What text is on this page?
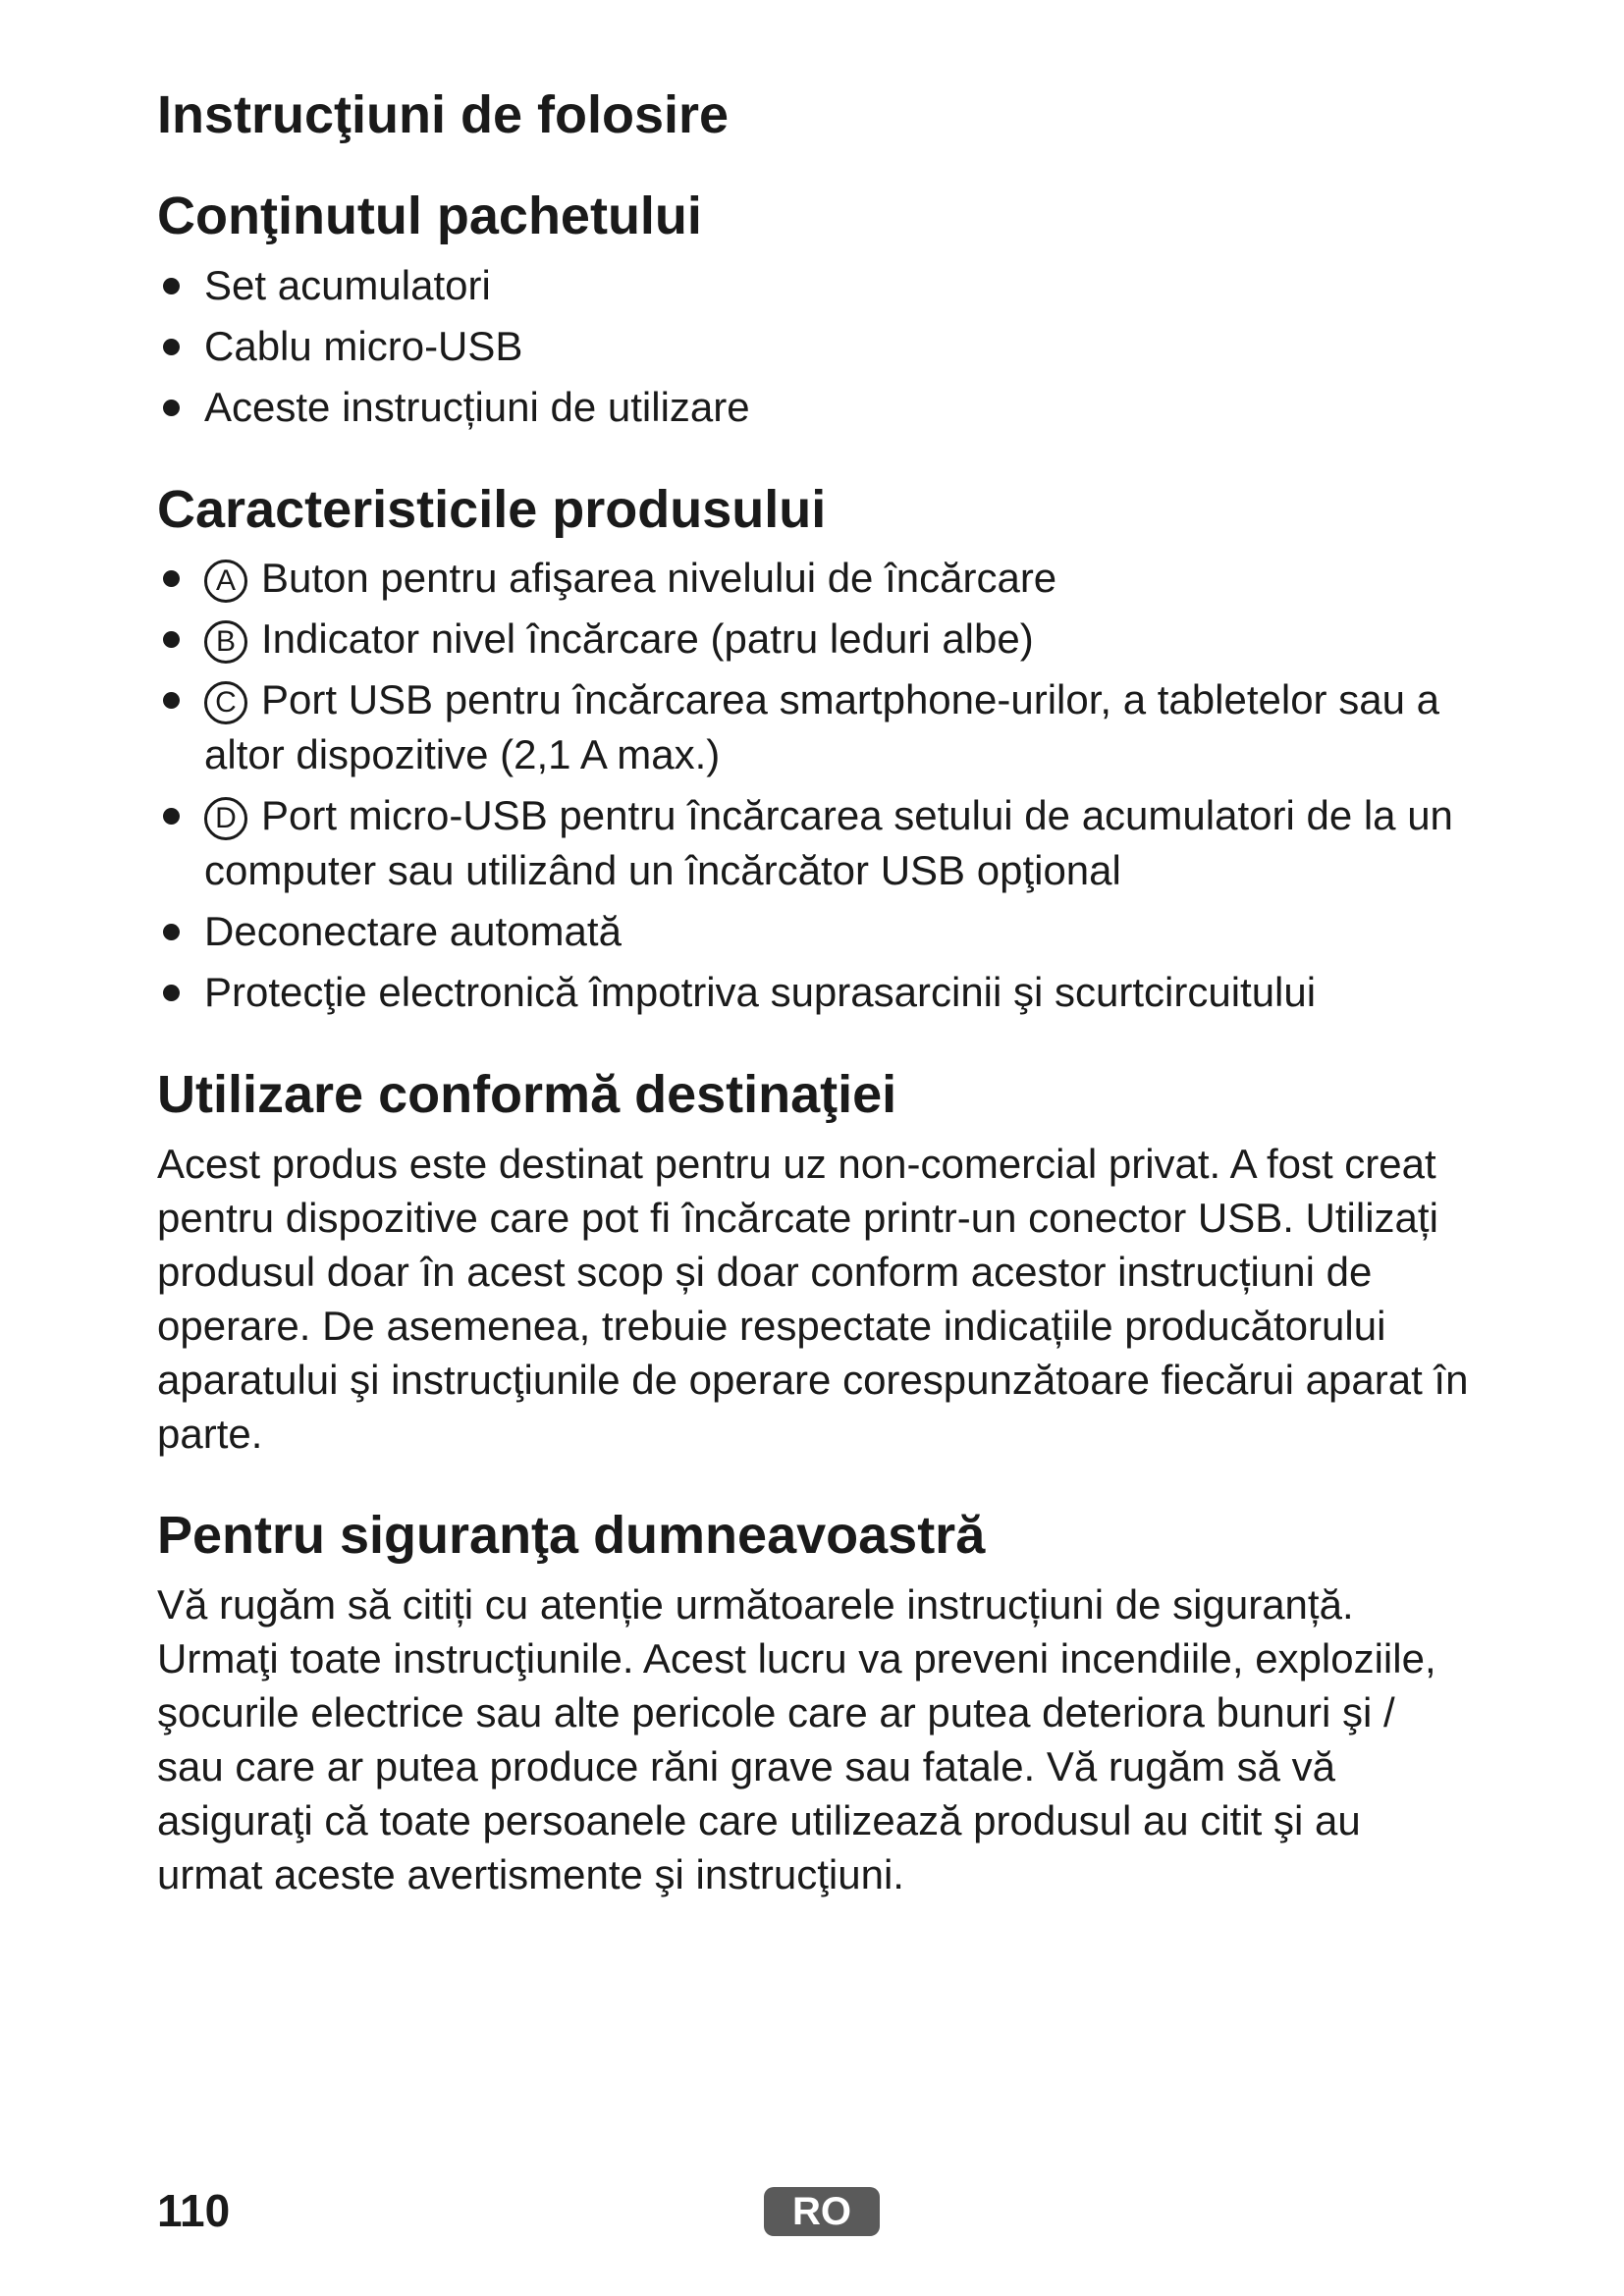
Instrucţiuni de folosire
Conţinutul pachetului
Set acumulatori
Cablu micro-USB
Aceste instrucțiuni de utilizare
Caracteristicile produsului
A Buton pentru afişarea nivelului de încărcare
B Indicator nivel încărcare (patru leduri albe)
C Port USB pentru încărcarea smartphone-urilor, a tabletelor sau a altor dispozitive (2,1 A max.)
D Port micro-USB pentru încărcarea setului de acumulatori de la un computer sau utilizând un încărcător USB opţional
Deconectare automată
Protecţie electronică împotriva suprasarcinii şi scurtcircuitului
Utilizare conformă destinaţiei

Acest produs este destinat pentru uz non-comercial privat. A fost creat pentru dispozitive care pot fi încărcate printr-un conector USB. Utilizați produsul doar în acest scop și doar conform acestor instrucțiuni de operare. De asemenea, trebuie respectate indicațiile producătorului aparatului şi instrucţiunile de operare corespunzătoare fiecărui aparat în parte.

Pentru siguranţa dumneavoastră

Vă rugăm să citiți cu atenție următoarele instrucțiuni de siguranță. Urmaţi toate instrucţiunile. Acest lucru va preveni incendiile, exploziile, şocurile electrice sau alte pericole care ar putea deteriora bunuri şi / sau care ar putea produce răni grave sau fatale. Vă rugăm să vă asiguraţi că toate persoanele care utilizează produsul au citit şi au urmat aceste avertismente şi instrucţiuni.

110	RO
